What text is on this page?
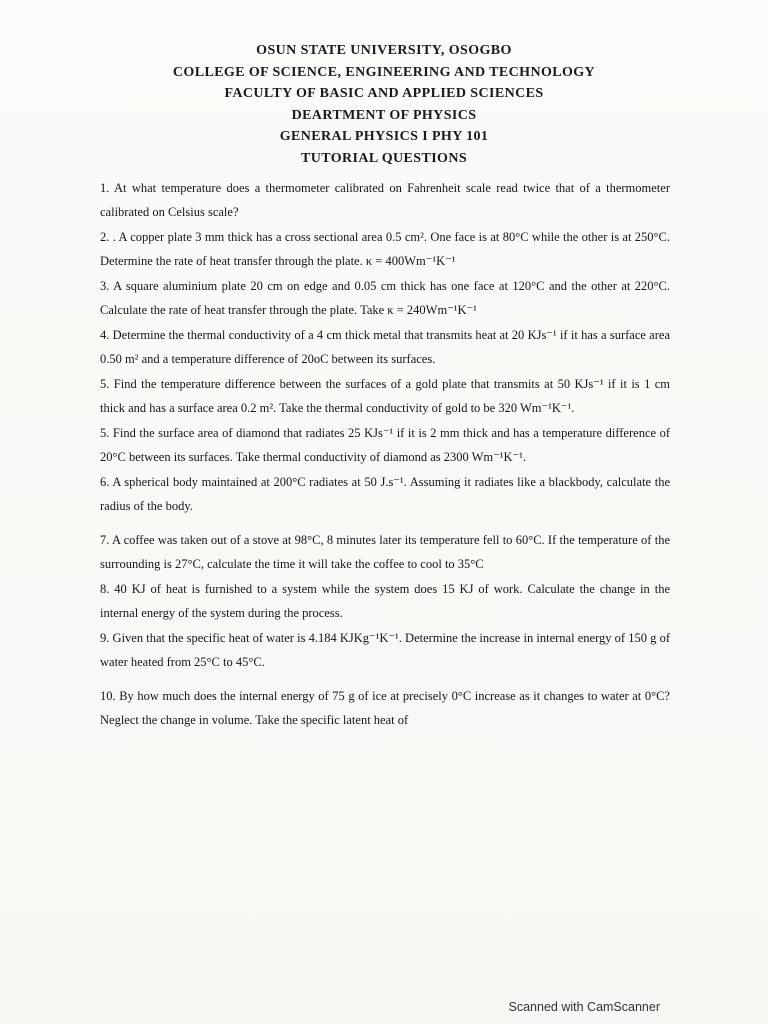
OSUN STATE UNIVERSITY, OSOGBO
COLLEGE OF SCIENCE, ENGINEERING AND TECHNOLOGY
FACULTY OF BASIC AND APPLIED SCIENCES
DEARTMENT OF PHYSICS
GENERAL PHYSICS I PHY 101
TUTORIAL QUESTIONS

1. At what temperature does a thermometer calibrated on Fahrenheit scale read twice that of a thermometer calibrated on Celsius scale?

2. . A copper plate 3 mm thick has a cross sectional area 0.5 cm². One face is at 80°C while the other is at 250°C. Determine the rate of heat transfer through the plate. κ = 400Wm⁻¹K⁻¹

3. A square aluminium plate 20 cm on edge and 0.05 cm thick has one face at 120°C and the other at 220°C. Calculate the rate of heat transfer through the plate. Take κ = 240Wm⁻¹K⁻¹

4. Determine the thermal conductivity of a 4 cm thick metal that transmits heat at 20 KJs⁻¹ if it has a surface area 0.50 m² and a temperature difference of 20oC between its surfaces.

5. Find the temperature difference between the surfaces of a gold plate that transmits at 50 KJs⁻¹ if it is 1 cm thick and has a surface area 0.2 m². Take the thermal conductivity of gold to be 320 Wm⁻¹K⁻¹.

5. Find the surface area of diamond that radiates 25 KJs⁻¹ if it is 2 mm thick and has a temperature difference of 20°C between its surfaces. Take thermal conductivity of diamond as 2300 Wm⁻¹K⁻¹.

6. A spherical body maintained at 200°C radiates at 50 J.s⁻¹. Assuming it radiates like a blackbody, calculate the radius of the body.

7. A coffee was taken out of a stove at 98°C, 8 minutes later its temperature fell to 60°C. If the temperature of the surrounding is 27°C, calculate the time it will take the coffee to cool to 35°C

8. 40 KJ of heat is furnished to a system while the system does 15 KJ of work. Calculate the change in the internal energy of the system during the process.

9. Given that the specific heat of water is 4.184 KJKg⁻¹K⁻¹. Determine the increase in internal energy of 150 g of water heated from 25°C to 45°C.

10. By how much does the internal energy of 75 g of ice at precisely 0°C increase as it changes to water at 0°C? Neglect the change in volume. Take the specific latent heat of

Scanned with CamScanner
